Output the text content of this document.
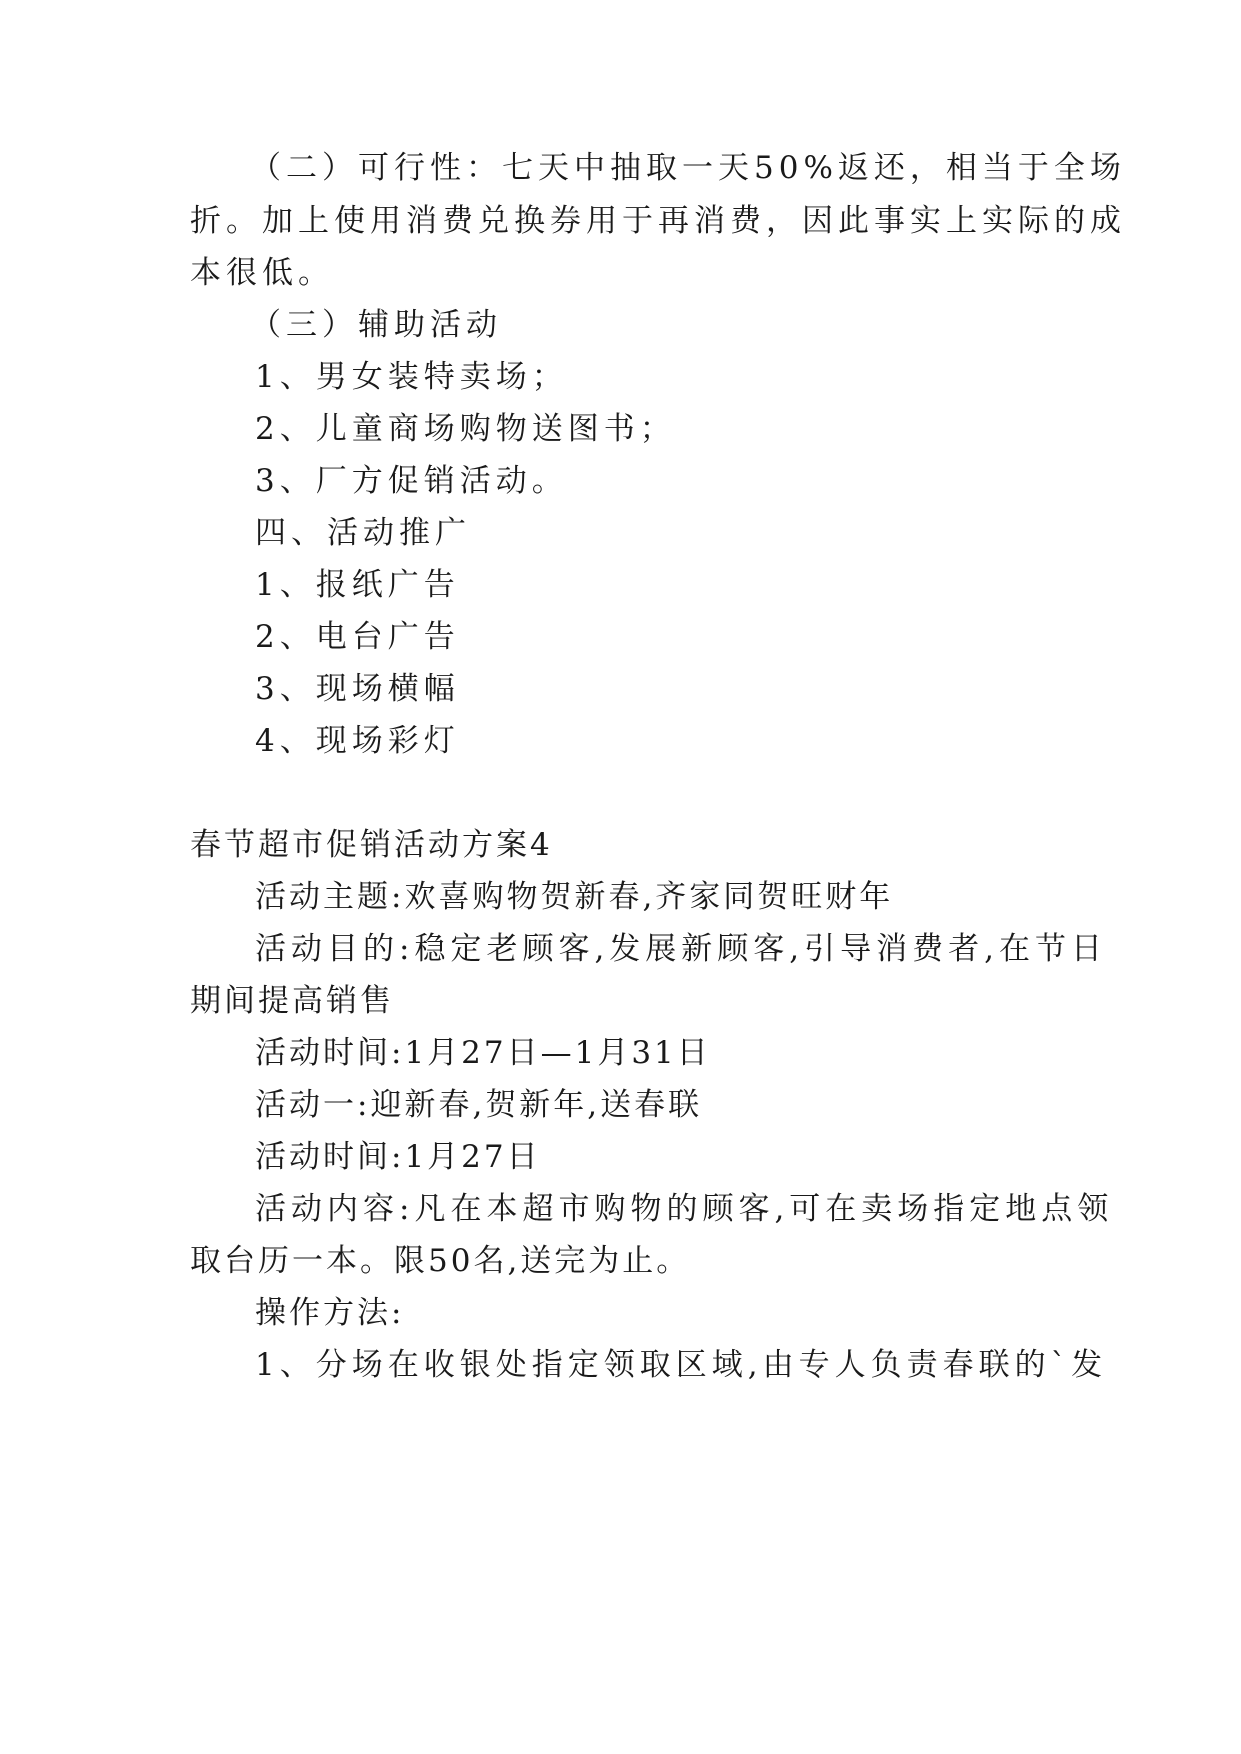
（二）可行性：七天中抽取一天50%返还，相当于全场
折。加上使用消费兑换券用于再消费，因此事实上实际的成
本很低。
（三）辅助活动
1、男女装特卖场；
2、儿童商场购物送图书；
3、厂方促销活动。
四、活动推广
1、报纸广告
2、电台广告
3、现场横幅
4、现场彩灯
春节超市促销活动方案4
活动主题:欢喜购物贺新春,齐家同贺旺财年
活动目的:稳定老顾客,发展新顾客,引导消费者,在节日
期间提高销售
活动时间:1月27日—1月31日
活动一:迎新春,贺新年,送春联
活动时间:1月27日
活动内容:凡在本超市购物的顾客,可在卖场指定地点领
取台历一本。限50名,送完为止。
操作方法:
1、分场在收银处指定领取区域,由专人负责春联的`发
